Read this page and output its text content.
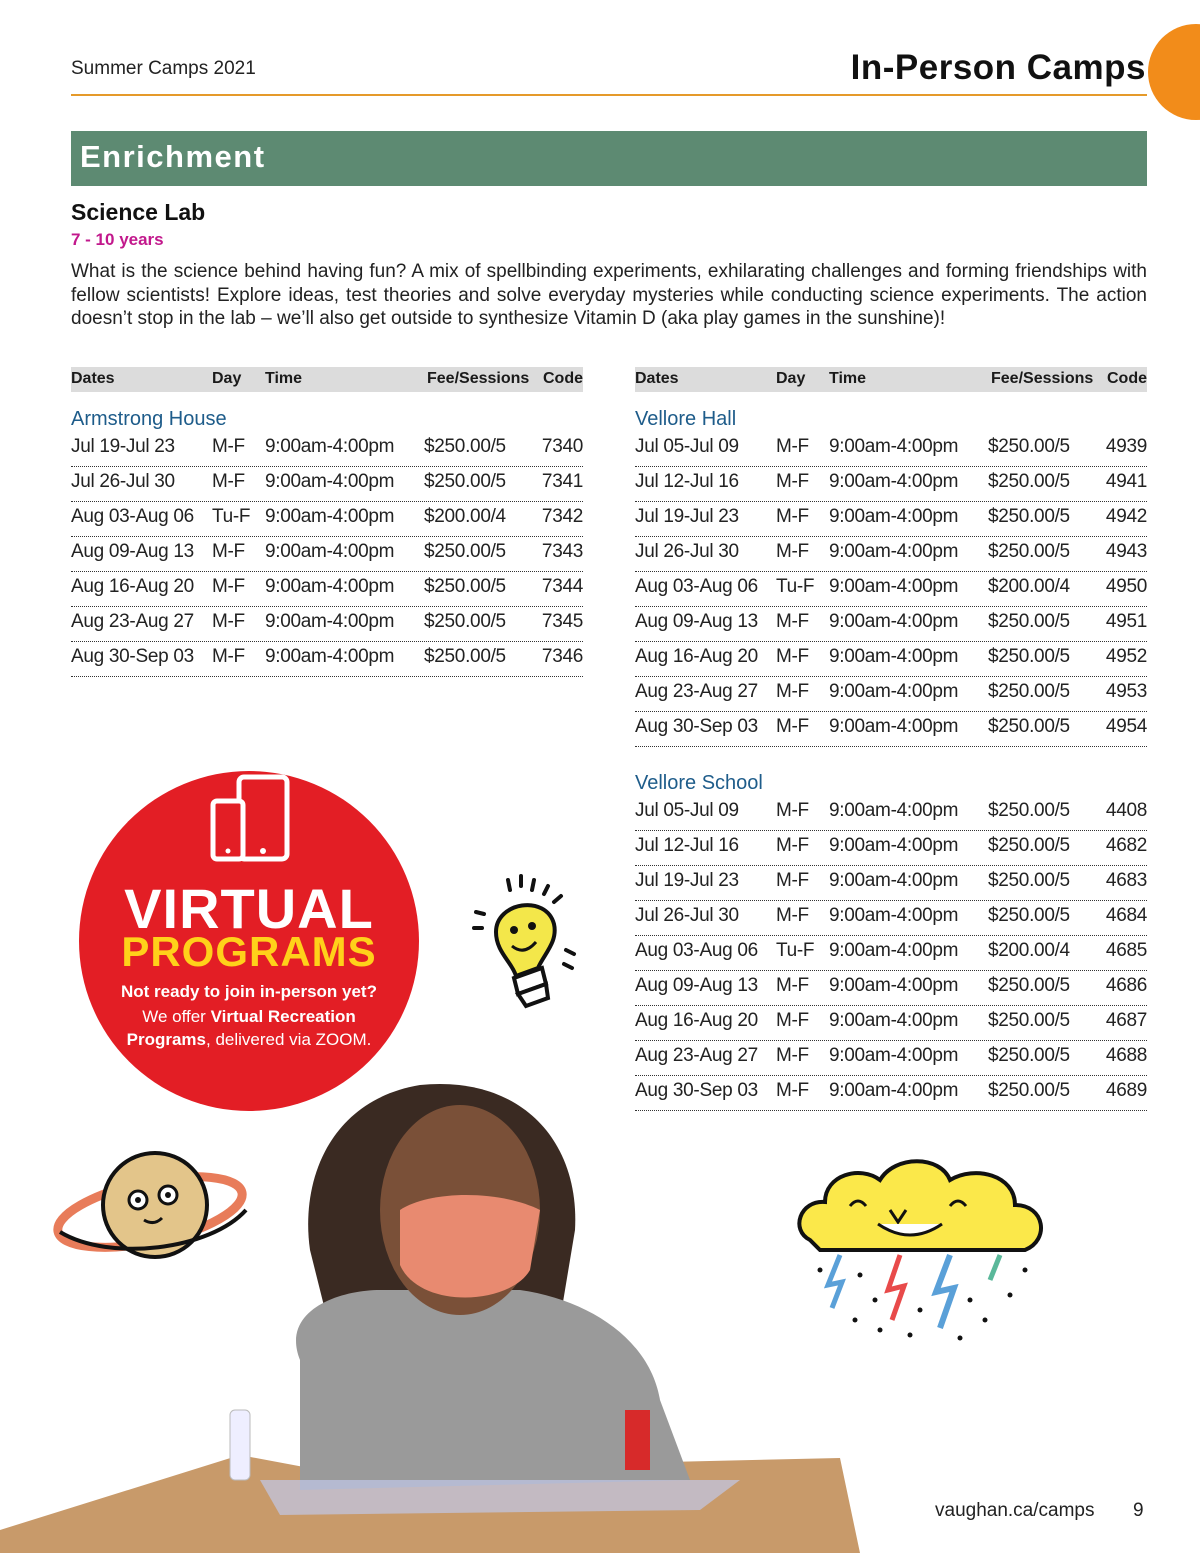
Summer Camps 2021	In-Person Camps
Enrichment
Science Lab
7 - 10 years
What is the science behind having fun? A mix of spellbinding experiments, exhilarating challenges and forming friendships with fellow scientists! Explore ideas, test theories and solve everyday mysteries while conducting science experiments. The action doesn’t stop in the lab – we’ll also get outside to synthesize Vitamin D (aka play games in the sunshine)!
Dates	Day Time	Fee/Sessions Code
Armstrong House
Jul 19-Jul 23 M-F 9:00am-4:00pm $250.00/5 7340
Jul 26-Jul 30 M-F 9:00am-4:00pm $250.00/5 7341
Aug 03-Aug 06 Tu-F 9:00am-4:00pm $200.00/4 7342
Aug 09-Aug 13 M-F 9:00am-4:00pm $250.00/5 7343
Aug 16-Aug 20 M-F 9:00am-4:00pm $250.00/5 7344
Aug 23-Aug 27 M-F 9:00am-4:00pm $250.00/5 7345
Aug 30-Sep 03 M-F 9:00am-4:00pm $250.00/5 7346
Dates	Day Time	Fee/Sessions Code
Vellore Hall
Jul 05-Jul 09 M-F 9:00am-4:00pm $250.00/5 4939
Jul 12-Jul 16 M-F 9:00am-4:00pm $250.00/5 4941
Jul 19-Jul 23 M-F 9:00am-4:00pm $250.00/5 4942
Jul 26-Jul 30 M-F 9:00am-4:00pm $250.00/5 4943
Aug 03-Aug 06 Tu-F 9:00am-4:00pm $200.00/4 4950
Aug 09-Aug 13 M-F 9:00am-4:00pm $250.00/5 4951
Aug 16-Aug 20 M-F 9:00am-4:00pm $250.00/5 4952
Aug 23-Aug 27 M-F 9:00am-4:00pm $250.00/5 4953
Aug 30-Sep 03 M-F 9:00am-4:00pm $250.00/5 4954
Vellore School
Jul 05-Jul 09 M-F 9:00am-4:00pm $250.00/5 4408
Jul 12-Jul 16 M-F 9:00am-4:00pm $250.00/5 4682
Jul 19-Jul 23 M-F 9:00am-4:00pm $250.00/5 4683
Jul 26-Jul 30 M-F 9:00am-4:00pm $250.00/5 4684
Aug 03-Aug 06 Tu-F 9:00am-4:00pm $200.00/4 4685
Aug 09-Aug 13 M-F 9:00am-4:00pm $250.00/5 4686
Aug 16-Aug 20 M-F 9:00am-4:00pm $250.00/5 4687
Aug 23-Aug 27 M-F 9:00am-4:00pm $250.00/5 4688
Aug 30-Sep 03 M-F 9:00am-4:00pm $250.00/5 4689
VIRTUAL
PROGRAMS
Not ready to join in-person yet?
We offer Virtual Recreation Programs, delivered via ZOOM.
vaughan.ca/camps 9
